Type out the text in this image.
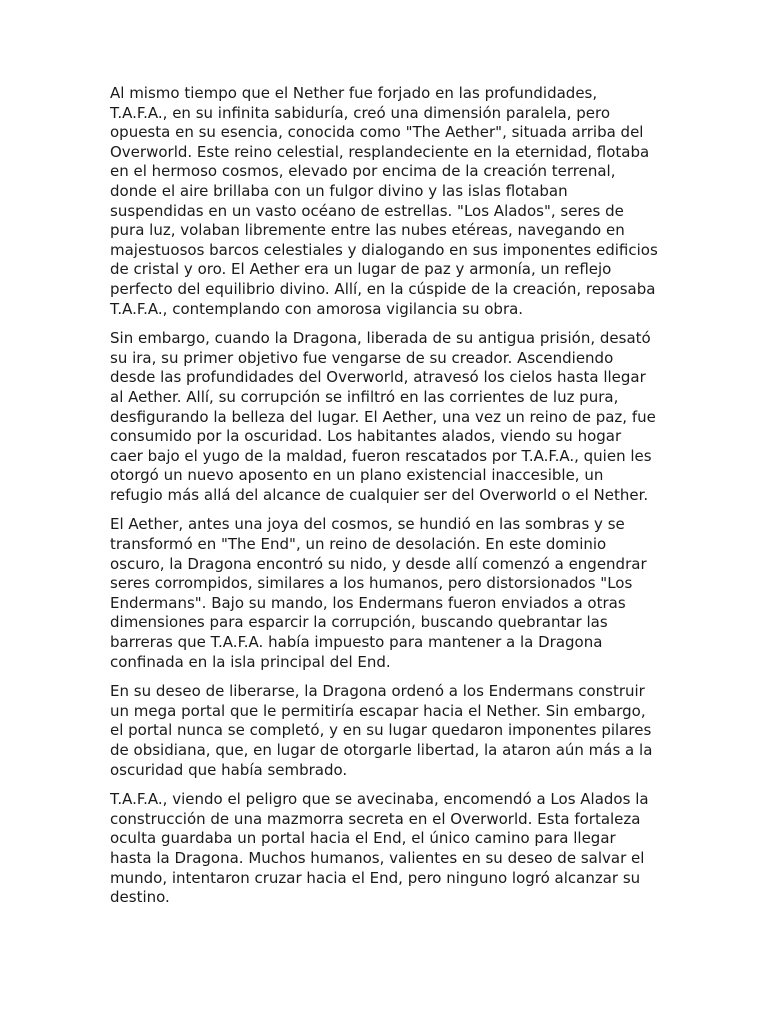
Al mismo tiempo que el Nether fue forjado en las profundidades, T.A.F.A., en su infinita sabiduría, creó una dimensión paralela, pero opuesta en su esencia, conocida como "The Aether", situada arriba del Overworld. Este reino celestial, resplandeciente en la eternidad, flotaba en el hermoso cosmos, elevado por encima de la creación terrenal, donde el aire brillaba con un fulgor divino y las islas flotaban suspendidas en un vasto océano de estrellas. "Los Alados", seres de pura luz, volaban libremente entre las nubes etéreas, navegando en majestuosos barcos celestiales y dialogando en sus imponentes edificios de cristal y oro. El Aether era un lugar de paz y armonía, un reflejo perfecto del equilibrio divino. Allí, en la cúspide de la creación, reposaba T.A.F.A., contemplando con amorosa vigilancia su obra.

Sin embargo, cuando la Dragona, liberada de su antigua prisión, desató su ira, su primer objetivo fue vengarse de su creador. Ascendiendo desde las profundidades del Overworld, atravesó los cielos hasta llegar al Aether. Allí, su corrupción se infiltró en las corrientes de luz pura, desfigurando la belleza del lugar. El Aether, una vez un reino de paz, fue consumido por la oscuridad. Los habitantes alados, viendo su hogar caer bajo el yugo de la maldad, fueron rescatados por T.A.F.A., quien les otorgó un nuevo aposento en un plano existencial inaccesible, un refugio más allá del alcance de cualquier ser del Overworld o el Nether.

El Aether, antes una joya del cosmos, se hundió en las sombras y se transformó en "The End", un reino de desolación. En este dominio oscuro, la Dragona encontró su nido, y desde allí comenzó a engendrar seres corrompidos, similares a los humanos, pero distorsionados "Los Endermans". Bajo su mando, los Endermans fueron enviados a otras dimensiones para esparcir la corrupción, buscando quebrantar las barreras que T.A.F.A. había impuesto para mantener a la Dragona confinada en la isla principal del End.

En su deseo de liberarse, la Dragona ordenó a los Endermans construir un mega portal que le permitiría escapar hacia el Nether. Sin embargo, el portal nunca se completó, y en su lugar quedaron imponentes pilares de obsidiana, que, en lugar de otorgarle libertad, la ataron aún más a la oscuridad que había sembrado.

T.A.F.A., viendo el peligro que se avecinaba, encomendó a Los Alados la construcción de una mazmorra secreta en el Overworld. Esta fortaleza oculta guardaba un portal hacia el End, el único camino para llegar hasta la Dragona. Muchos humanos, valientes en su deseo de salvar el mundo, intentaron cruzar hacia el End, pero ninguno logró alcanzar su destino.
